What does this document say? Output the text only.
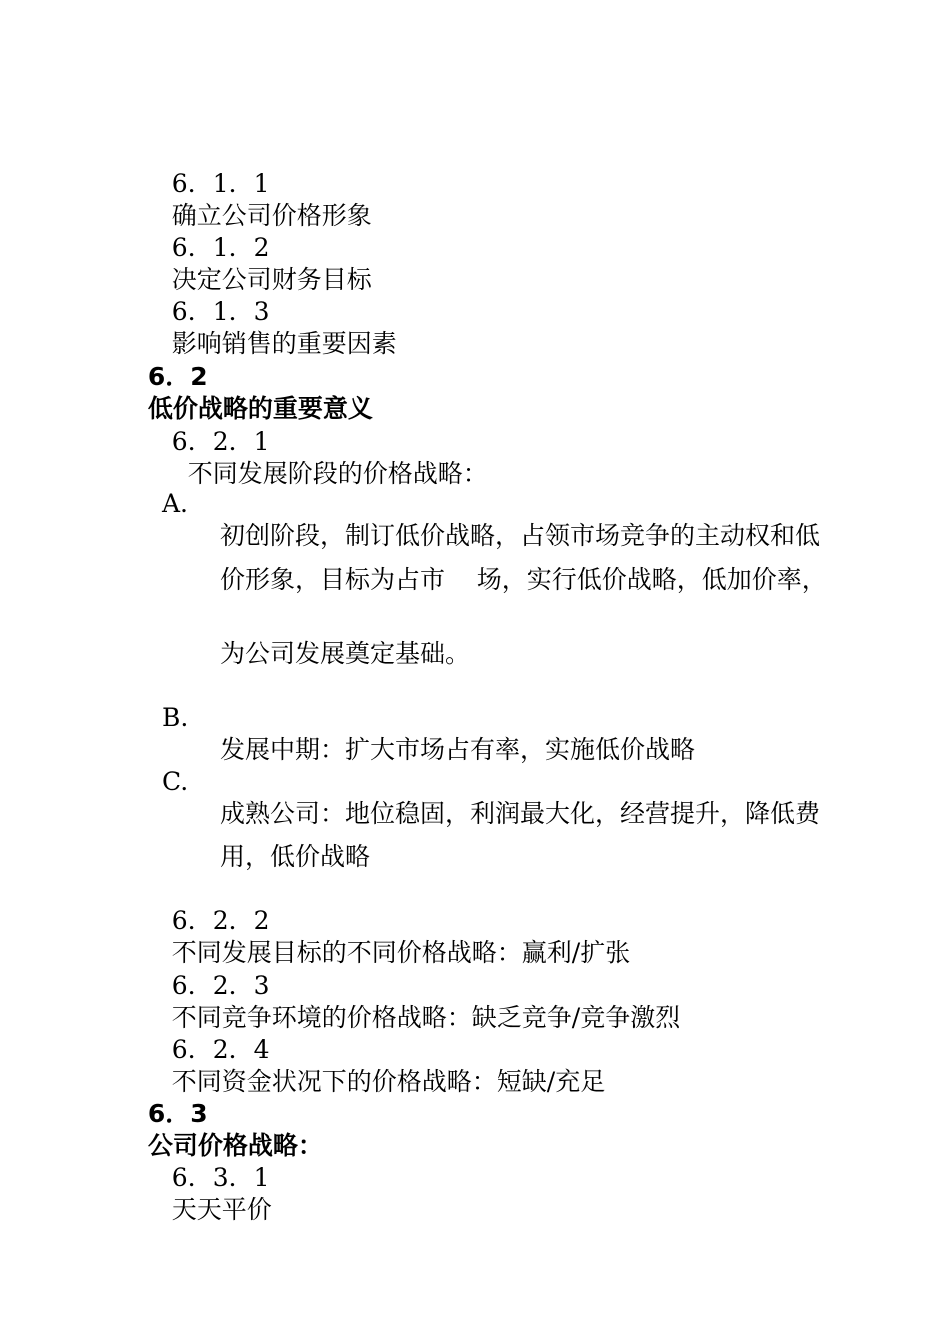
6．1．1
确立公司价格形象

6．1．2
决定公司财务目标

6．1．3
影响销售的重要因素

6．2
低价战略的重要意义

6．2．1
不同发展阶段的价格战略：

A.

初创阶段，制订低价战略，占领市场竞争的主动权和低

价形象，目标为占市    场，实行低价战略，低加价率，

为公司发展奠定基础。

B.

发展中期：扩大市场占有率，实施低价战略

C.

成熟公司：地位稳固，利润最大化，经营提升，降低费

用，低价战略

6．2．2
不同发展目标的不同价格战略：赢利/扩张

6．2．3
不同竞争环境的价格战略：缺乏竞争/竞争激烈

6．2．4
不同资金状况下的价格战略：短缺/充足

6．3
公司价格战略：

6．3．1
天天平价
